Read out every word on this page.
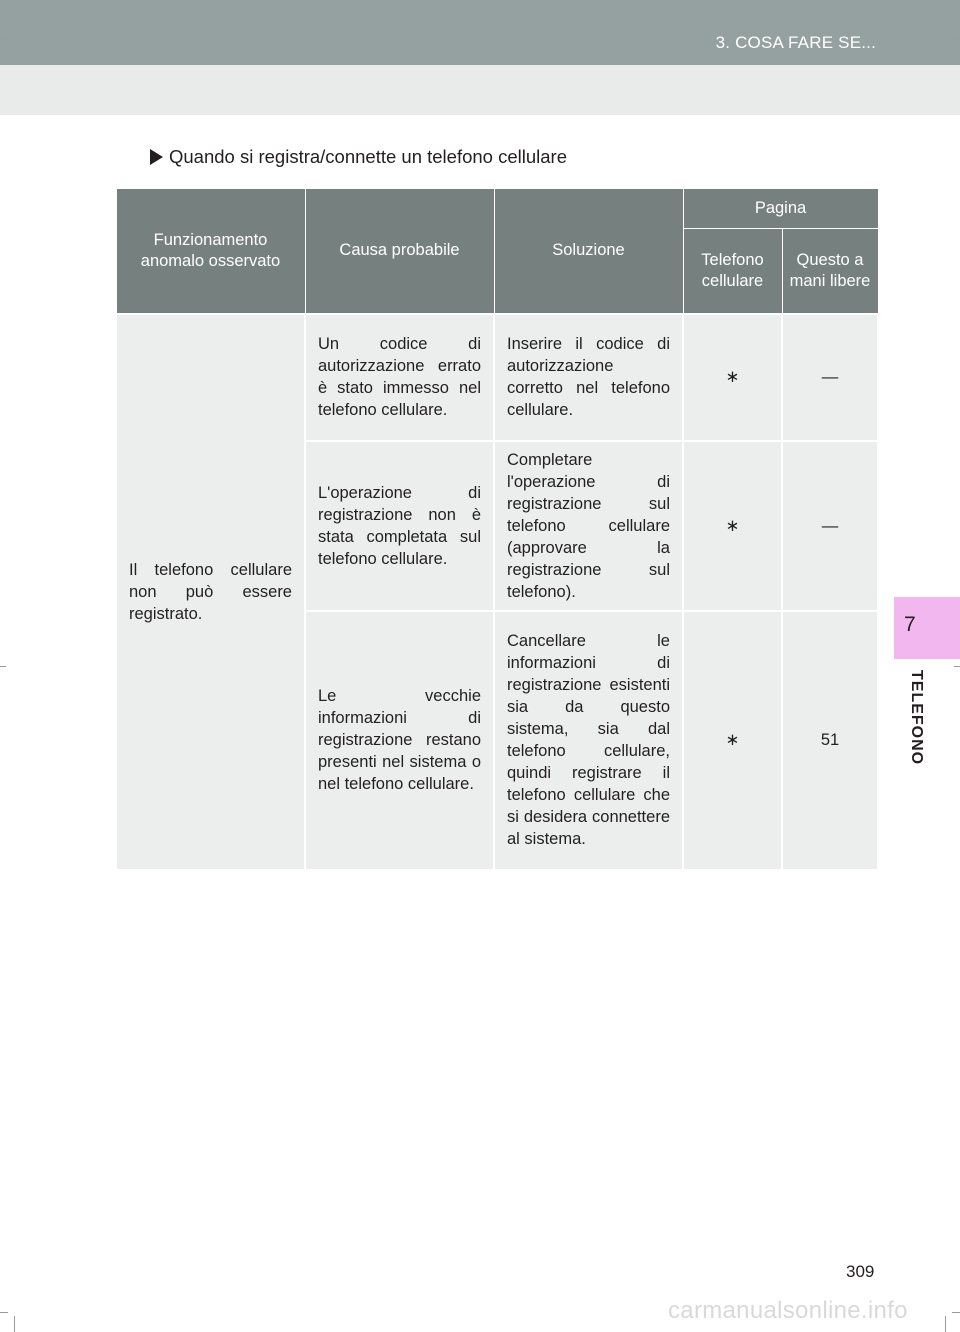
3. COSA FARE SE...
Quando si registra/connette un telefono cellulare
Funzionamento anomalo osservato	Causa probabile	Soluzione	Pagina	
			Telefono cellulare	Questo a mani libere
Il telefono cellulare non può essere registrato.	Un codice di autorizzazione errato è stato immesso nel telefono cellulare.	Inserire il codice di autorizzazione corretto nel telefono cellulare.	∗	—
	L'operazione di registrazione non è stata completata sul telefono cellulare.	Completare l'operazione di registrazione sul telefono cellulare (approvare la registrazione sul telefono).	∗	—
	Le vecchie informazioni di registrazione restano presenti nel sistema o nel telefono cellulare.	Cancellare le informazioni di registrazione esistenti sia da questo sistema, sia dal telefono cellulare, quindi registrare il telefono cellulare che si desidera connettere al sistema.	∗	51
7
TELEFONO
309
carmanualsonline.info
